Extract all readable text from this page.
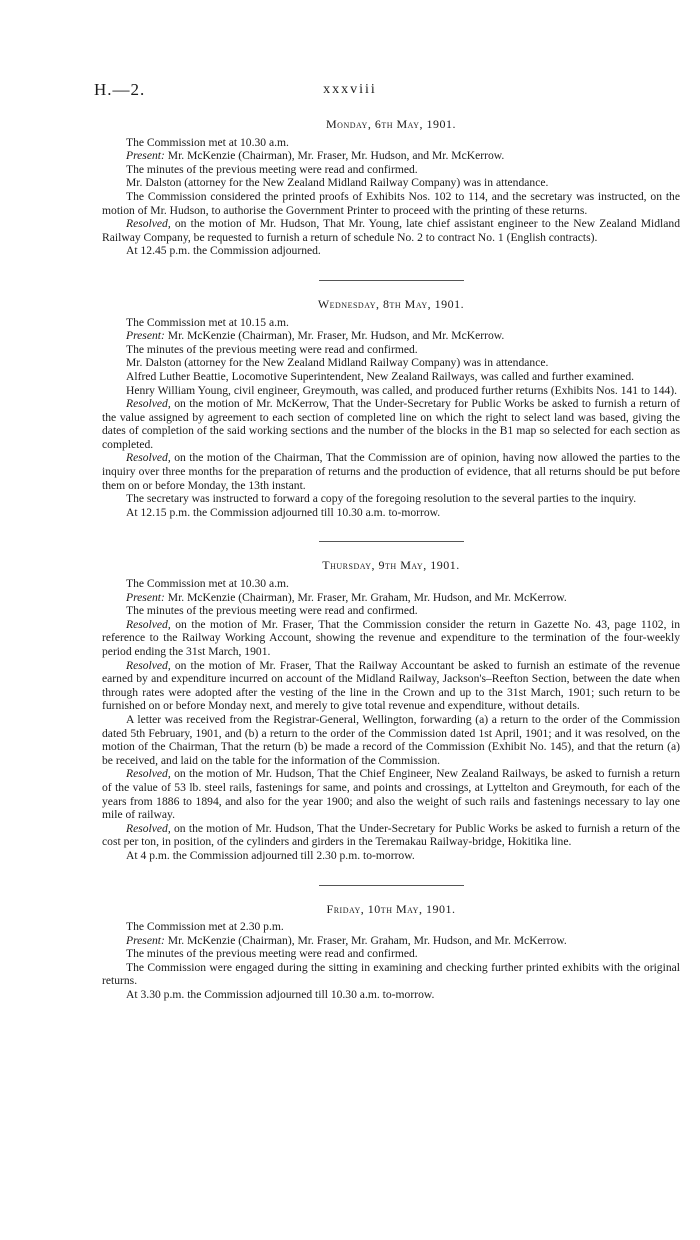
H.—2.	xxxviii
Monday, 6th May, 1901.

The Commission met at 10.30 a.m.

Present: Mr. McKenzie (Chairman), Mr. Fraser, Mr. Hudson, and Mr. McKerrow.

The minutes of the previous meeting were read and confirmed.

Mr. Dalston (attorney for the New Zealand Midland Railway Company) was in attendance.

The Commission considered the printed proofs of Exhibits Nos. 102 to 114, and the secretary was instructed, on the motion of Mr. Hudson, to authorise the Government Printer to proceed with the printing of these returns.

Resolved, on the motion of Mr. Hudson, That Mr. Young, late chief assistant engineer to the New Zealand Midland Railway Company, be requested to furnish a return of schedule No. 2 to contract No. 1 (English contracts).

At 12.45 p.m. the Commission adjourned.

Wednesday, 8th May, 1901.

The Commission met at 10.15 a.m.

Present: Mr. McKenzie (Chairman), Mr. Fraser, Mr. Hudson, and Mr. McKerrow.

The minutes of the previous meeting were read and confirmed.

Mr. Dalston (attorney for the New Zealand Midland Railway Company) was in attendance.

Alfred Luther Beattie, Locomotive Superintendent, New Zealand Railways, was called and further examined.

Henry William Young, civil engineer, Greymouth, was called, and produced further returns (Exhibits Nos. 141 to 144).

Resolved, on the motion of Mr. McKerrow, That the Under-Secretary for Public Works be asked to furnish a return of the value assigned by agreement to each section of completed line on which the right to select land was based, giving the dates of completion of the said working sections and the number of the blocks in the B1 map so selected for each section as completed.

Resolved, on the motion of the Chairman, That the Commission are of opinion, having now allowed the parties to the inquiry over three months for the preparation of returns and the production of evidence, that all returns should be put before them on or before Monday, the 13th instant.

The secretary was instructed to forward a copy of the foregoing resolution to the several parties to the inquiry.

At 12.15 p.m. the Commission adjourned till 10.30 a.m. to-morrow.

Thursday, 9th May, 1901.

The Commission met at 10.30 a.m.

Present: Mr. McKenzie (Chairman), Mr. Fraser, Mr. Graham, Mr. Hudson, and Mr. McKerrow.

The minutes of the previous meeting were read and confirmed.

Resolved, on the motion of Mr. Fraser, That the Commission consider the return in Gazette No. 43, page 1102, in reference to the Railway Working Account, showing the revenue and expenditure to the termination of the four-weekly period ending the 31st March, 1901.

Resolved, on the motion of Mr. Fraser, That the Railway Accountant be asked to furnish an estimate of the revenue earned by and expenditure incurred on account of the Midland Railway, Jackson's–Reefton Section, between the date when through rates were adopted after the vesting of the line in the Crown and up to the 31st March, 1901; such return to be furnished on or before Monday next, and merely to give total revenue and expenditure, without details.

A letter was received from the Registrar-General, Wellington, forwarding (a) a return to the order of the Commission dated 5th February, 1901, and (b) a return to the order of the Commission dated 1st April, 1901; and it was resolved, on the motion of the Chairman, That the return (b) be made a record of the Commission (Exhibit No. 145), and that the return (a) be received, and laid on the table for the information of the Commission.

Resolved, on the motion of Mr. Hudson, That the Chief Engineer, New Zealand Railways, be asked to furnish a return of the value of 53 lb. steel rails, fastenings for same, and points and crossings, at Lyttelton and Greymouth, for each of the years from 1886 to 1894, and also for the year 1900; and also the weight of such rails and fastenings necessary to lay one mile of railway.

Resolved, on the motion of Mr. Hudson, That the Under-Secretary for Public Works be asked to furnish a return of the cost per ton, in position, of the cylinders and girders in the Teremakau Railway-bridge, Hokitika line.

At 4 p.m. the Commission adjourned till 2.30 p.m. to-morrow.

Friday, 10th May, 1901.

The Commission met at 2.30 p.m.

Present: Mr. McKenzie (Chairman), Mr. Fraser, Mr. Graham, Mr. Hudson, and Mr. McKerrow.

The minutes of the previous meeting were read and confirmed.

The Commission were engaged during the sitting in examining and checking further printed exhibits with the original returns.

At 3.30 p.m. the Commission adjourned till 10.30 a.m. to-morrow.
